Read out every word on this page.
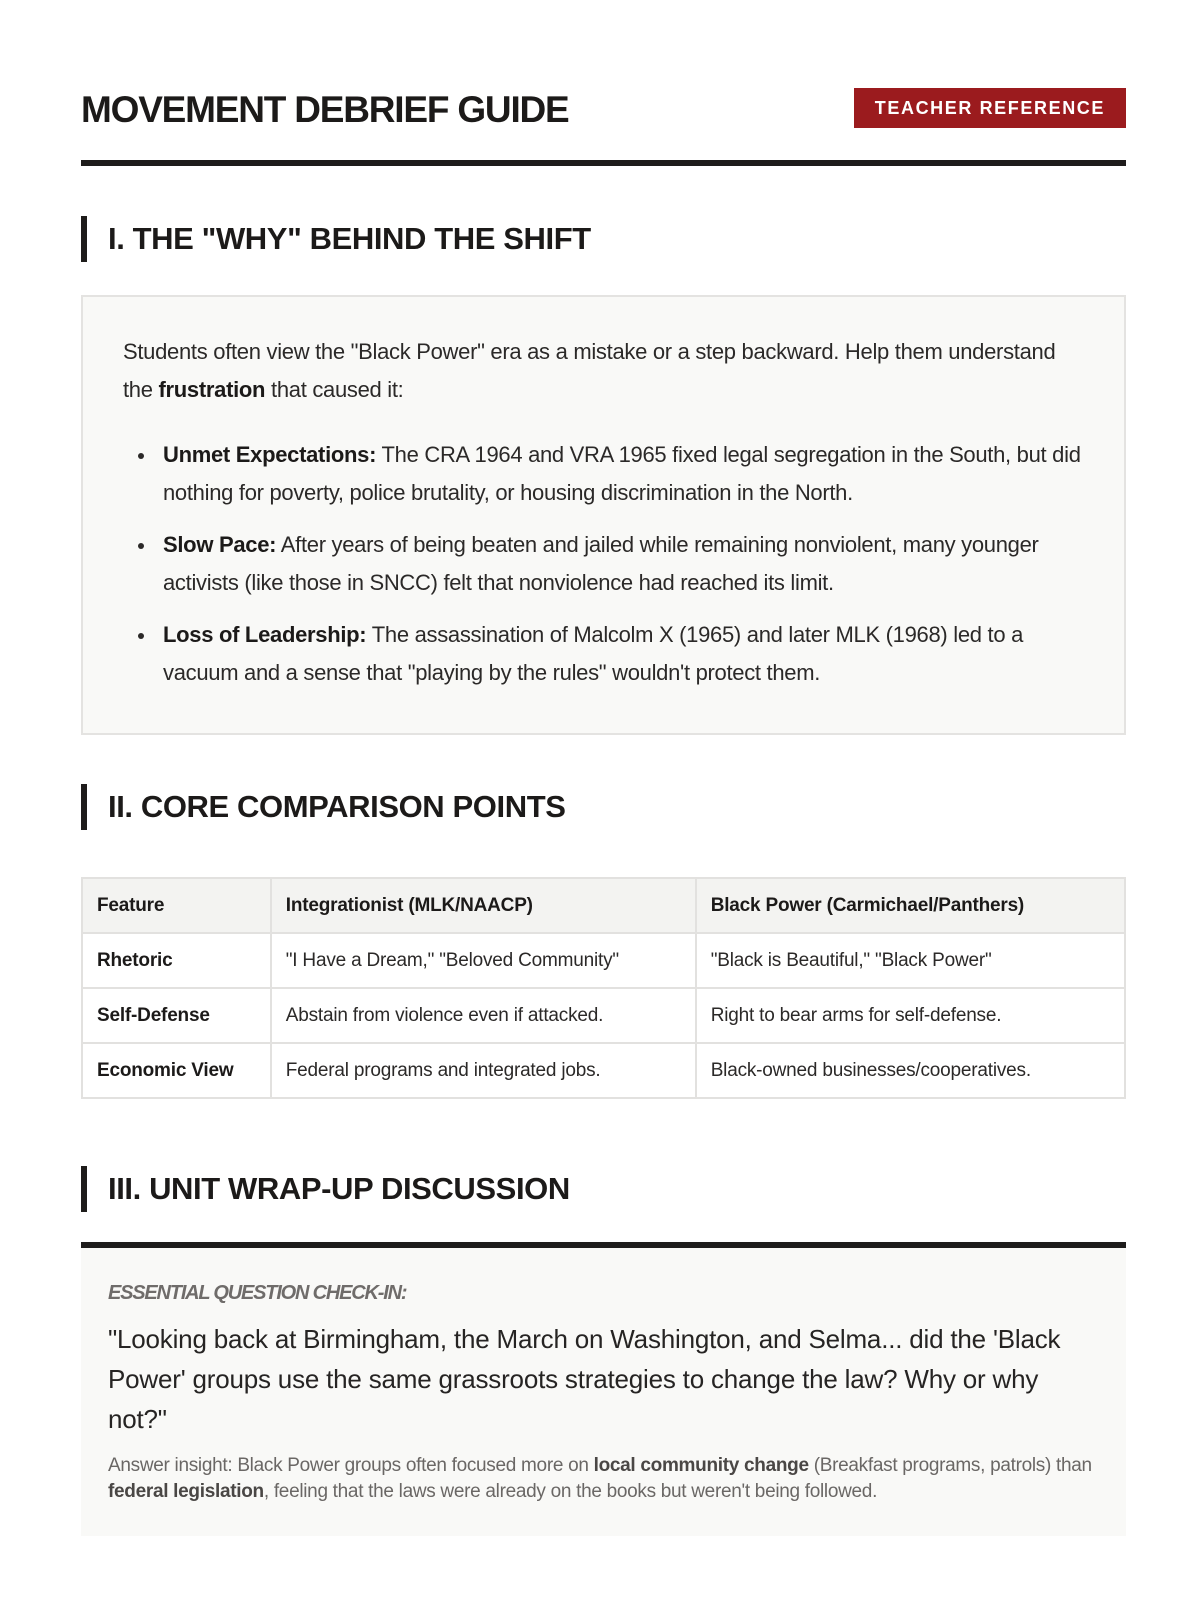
MOVEMENT DEBRIEF GUIDE	TEACHER REFERENCE
I. THE "WHY" BEHIND THE SHIFT

Students often view the "Black Power" era as a mistake or a step backward. Help them understand the frustration that caused it:

Unmet Expectations: The CRA 1964 and VRA 1965 fixed legal segregation in the South, but did nothing for poverty, police brutality, or housing discrimination in the North.
Slow Pace: After years of being beaten and jailed while remaining nonviolent, many younger activists (like those in SNCC) felt that nonviolence had reached its limit.
Loss of Leadership: The assassination of Malcolm X (1965) and later MLK (1968) led to a vacuum and a sense that "playing by the rules" wouldn't protect them.
II. CORE COMPARISON POINTS
Feature	Integrationist (MLK/NAACP)	Black Power (Carmichael/Panthers)
Rhetoric	"I Have a Dream," "Beloved Community"	"Black is Beautiful," "Black Power"
Self-Defense	Abstain from violence even if attacked.	Right to bear arms for self-defense.
Economic View	Federal programs and integrated jobs.	Black-owned businesses/cooperatives.
III. UNIT WRAP-UP DISCUSSION
ESSENTIAL QUESTION CHECK-IN:
"Looking back at Birmingham, the March on Washington, and Selma... did the 'Black Power' groups use the same grassroots strategies to change the law? Why or why not?"
Answer insight: Black Power groups often focused more on local community change (Breakfast programs, patrols) than federal legislation, feeling that the laws were already on the books but weren't being followed.
